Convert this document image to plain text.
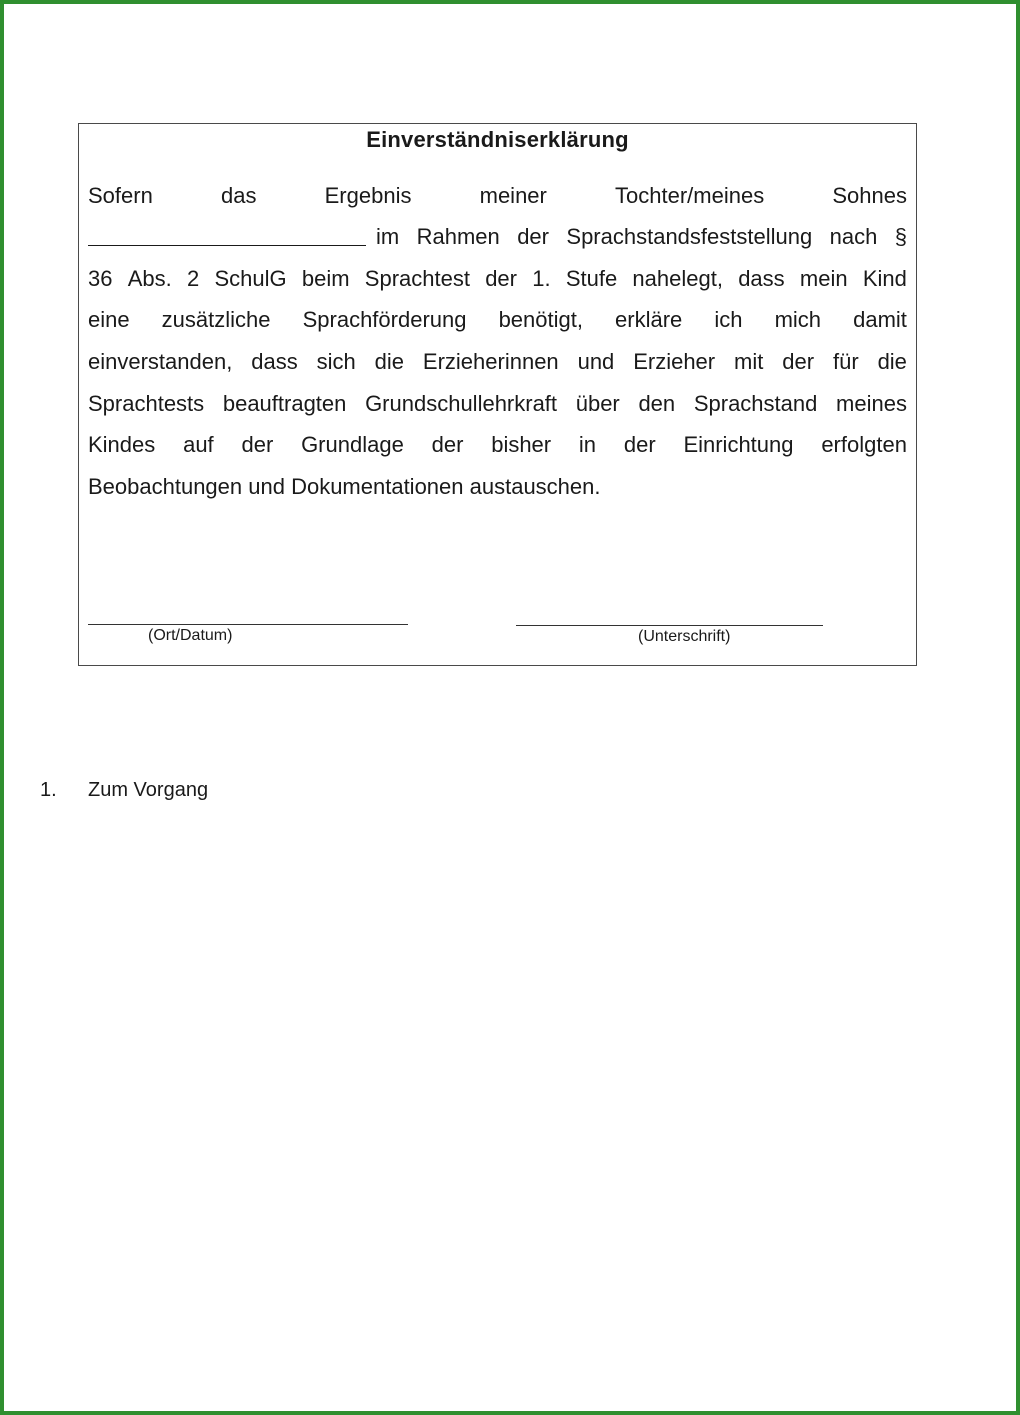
Einverständniserklärung
Sofern	das	Ergebnis	meiner	Tochter/meines	Sohnes
im Rahmen der Sprachstandsfeststellung nach §
36 Abs. 2 SchulG beim Sprachtest der 1. Stufe nahelegt, dass mein Kind
eine zusätzliche Sprachförderung benötigt, erkläre ich mich damit
einverstanden, dass sich die Erzieherinnen und Erzieher mit der für die
Sprachtests beauftragten Grundschullehrkraft über den Sprachstand meines
Kindes auf der Grundlage der bisher in der Einrichtung erfolgten
Beobachtungen und Dokumentationen austauschen.
(Ort/Datum)	(Unterschrift)
1. Zum Vorgang
